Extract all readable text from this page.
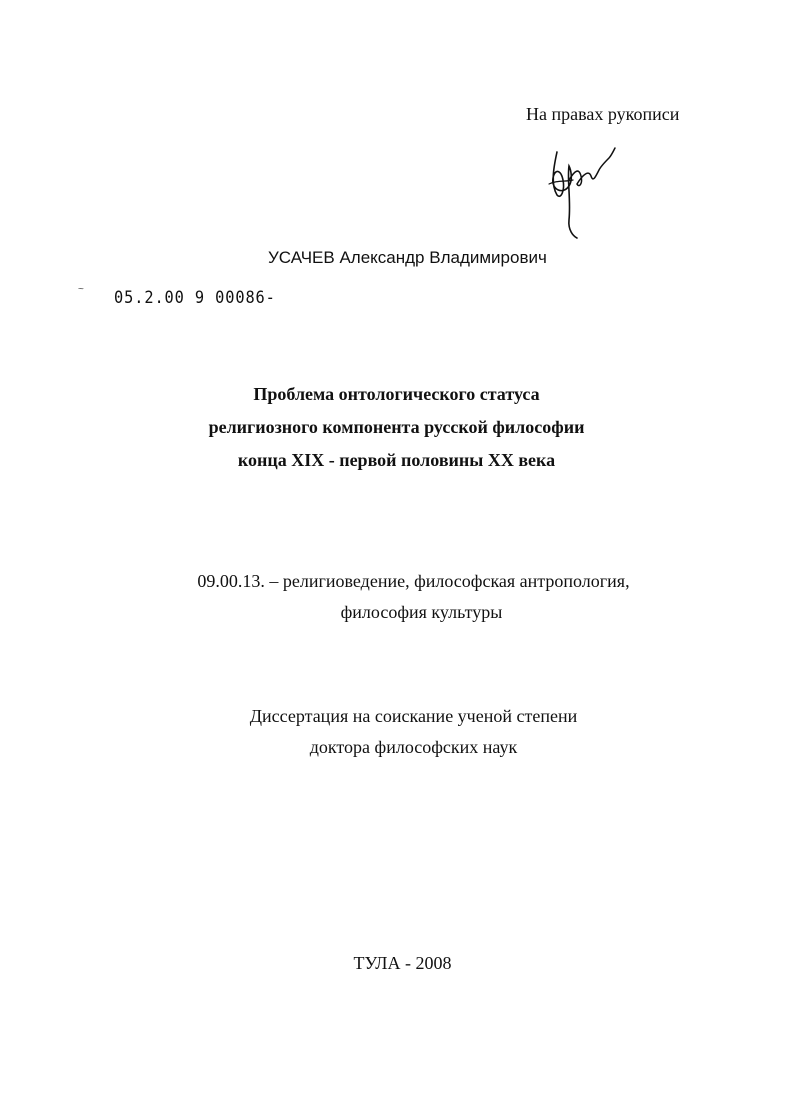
На правах рукописи
УСАЧЕВ Александр Владимирович
~ 05.2.00 9 00086-
Проблема онтологического статуса
религиозного компонента русской философии
конца XIX - первой половины XX века
09.00.13. – религиоведение, философская антропология,
философия культуры
Диссертация на соискание ученой степени
доктора философских наук
ТУЛА - 2008
